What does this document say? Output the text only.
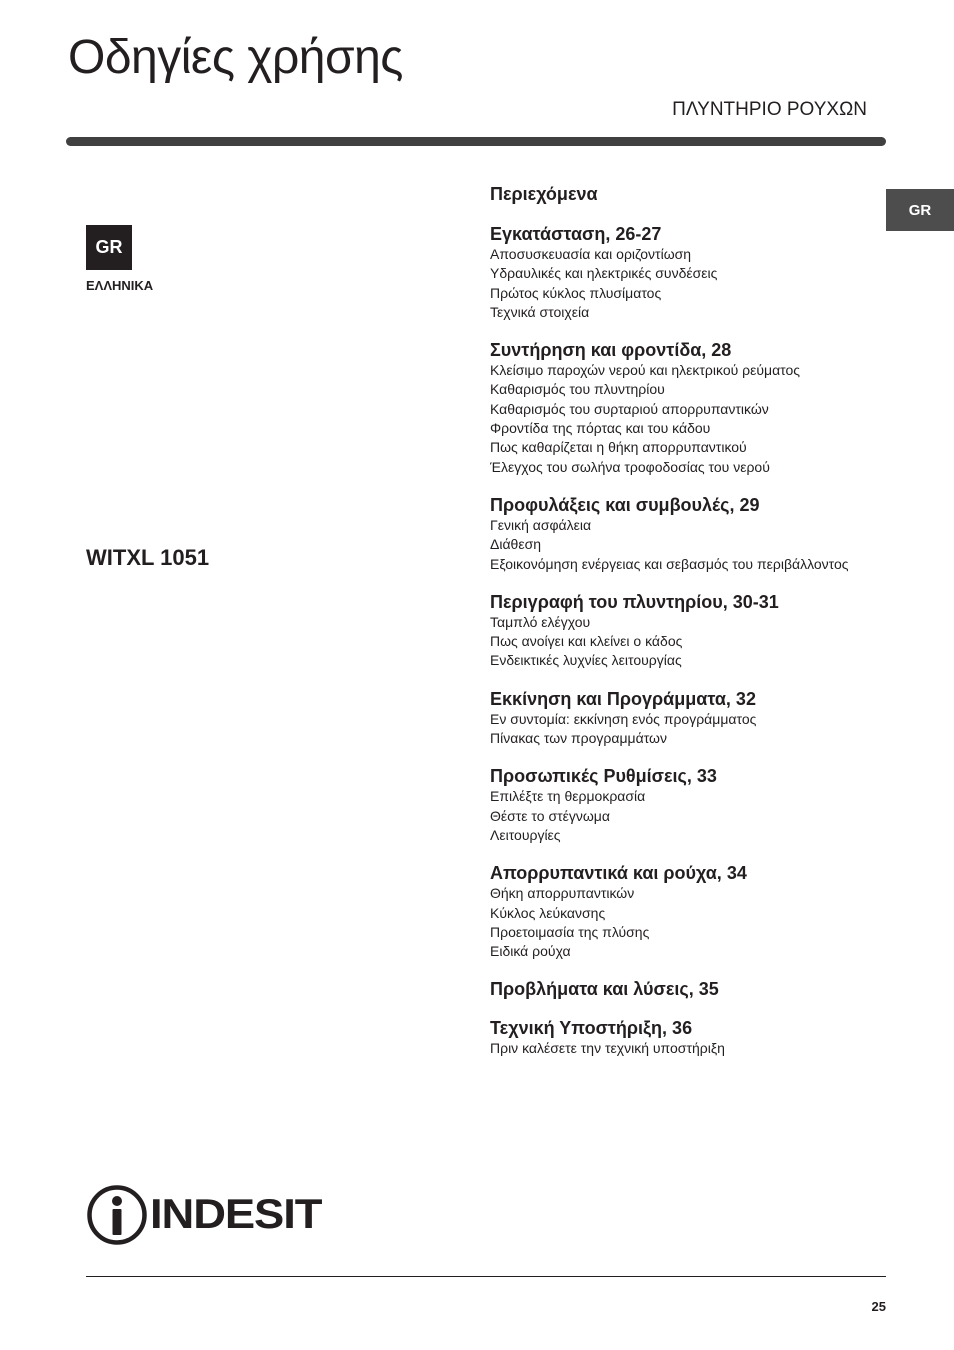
Οδηγίες χρήσης
ΠΛΥΝΤΗΡΙΟ ΡΟΥΧΩΝ
GR
GR
ΕΛΛΗΝΙΚΑ
WITXL 1051
Περιεχόμενα
Εγκατάσταση, 26-27
Αποσυσκευασία και οριζοντίωση
Υδραυλικές και ηλεκτρικές συνδέσεις
Πρώτος κύκλος πλυσίματος
Τεχνικά στοιχεία
Συντήρηση και φροντίδα, 28
Κλείσιμο παροχών νερού και ηλεκτρικού ρεύματος
Καθαρισμός του πλυντηρίου
Καθαρισμός του συρταριού απορρυπαντικών
Φροντίδα της πόρτας και του κάδου
Πως καθαρίζεται η θήκη απορρυπαντικού
Έλεγχος του σωλήνα τροφοδοσίας του νερού
Προφυλάξεις και συμβουλές, 29
Γενική ασφάλεια
Διάθεση
Εξοικονόμηση ενέργειας και σεβασμός του περιβάλλοντος
Περιγραφή του πλυντηρίου, 30-31
Ταμπλό ελέγχου
Πως ανοίγει και κλείνει ο κάδος
Ενδεικτικές λυχνίες λειτουργίας
Εκκίνηση και Προγράμματα, 32
Εν συντομία: εκκίνηση ενός προγράμματος
Πίνακας των προγραμμάτων
Προσωπικές Ρυθμίσεις, 33
Επιλέξτε τη θερμοκρασία
Θέστε το στέγνωμα
Λειτουργίες
Απορρυπαντικά και ρούχα, 34
Θήκη απορρυπαντικών
Κύκλος λεύκανσης
Προετοιμασία της πλύσης
Ειδικά ρούχα
Προβλήματα και λύσεις, 35
Τεχνική Υποστήριξη, 36
Πριν καλέσετε την τεχνική υποστήριξη
INDESIT
25
